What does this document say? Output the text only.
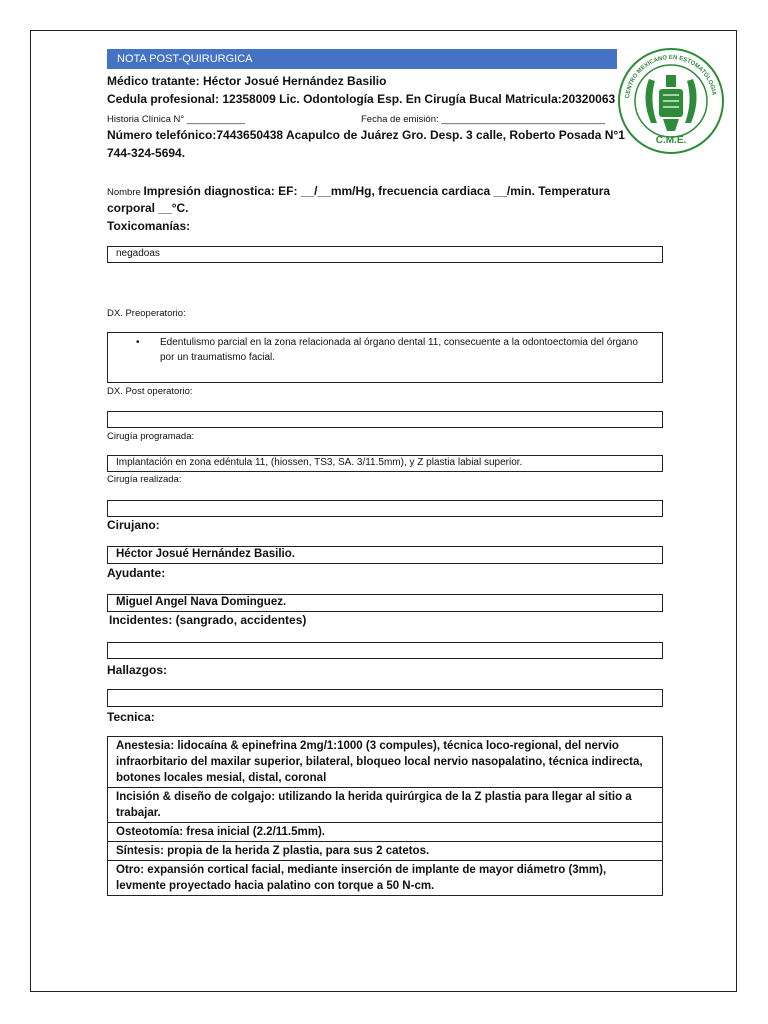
NOTA POST-QUIRURGICA
Médico tratante: Héctor Josué Hernández Basilio
Cedula profesional: 12358009 Lic. Odontología Esp. En Cirugía Bucal Matricula:20320063
Historia Clínica N° ___________	Fecha de emisión: _______________________________
Número telefónico:7443650438 Acapulco de Juárez Gro. Desp. 3 calle, Roberto Posada N°1
744-324-5694.
CENTRO MEXICANO EN ESTOMATOLOGIA
C.M.E.
Nombre Impresión diagnostica: EF: __/__mm/Hg, frecuencia cardiaca __/min. Temperatura
corporal __°C.
Toxicomanías:
negadoas
DX. Preoperatorio:
• Edentulismo parcial en la zona relacionada al órgano dental 11, consecuente a la odontoectomia del órgano por un traumatismo facial.
DX. Post operatorio:
Cirugía programada:
Implantación en zona edéntula 11, (hiossen, TS3, SA. 3/11.5mm), y Z plastia labial superior.
Cirugía realizada:
Cirujano:
Héctor Josué Hernández Basilio.
Ayudante:
Miguel Angel Nava Dominguez.
Incidentes: (sangrado, accidentes)
Hallazgos:
Tecnica:
Anestesia: lidocaína & epinefrina 2mg/1:1000 (3 compules), técnica loco-regional, del nervio infraorbitario del maxilar superior, bilateral, bloqueo local nervio nasopalatino, técnica indirecta, botones locales mesial, distal, coronal
Incisión & diseño de colgajo: utilizando la herida quirúrgica de la Z plastia para llegar al sitio a trabajar.
Osteotomía: fresa inicial (2.2/11.5mm).
Síntesis: propia de la herida Z plastia, para sus 2 catetos.
Otro: expansión cortical facial, mediante inserción de implante de mayor diámetro (3mm), levmente proyectado hacia palatino con torque a 50 N-cm.
